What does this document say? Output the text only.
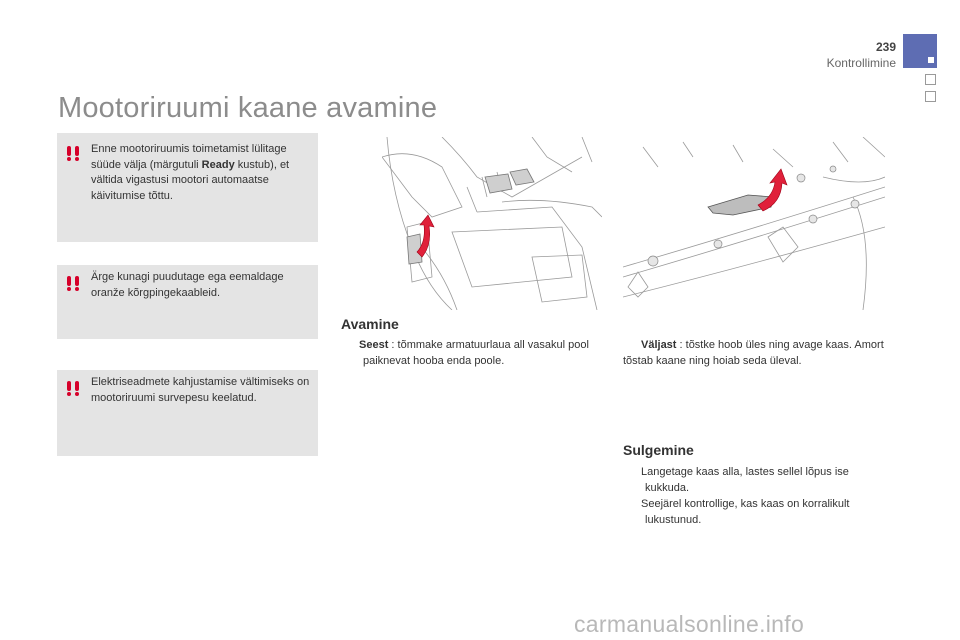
239
Kontrollimine
Mootoriruumi kaane avamine
Enne mootoriruumis toimetamist lülitage süüde välja (märgutuli Ready kustub), et vältida vigastusi mootori automaatse käivitumise tõttu.
Ärge kunagi puudutage ega eemaldage oranže kõrgpingekaableid.
Elektriseadmete kahjustamise vältimiseks on mootoriruumi survepesu keelatud.
Avamine
Seest : tõmmake armatuurlaua all vasakul pool paiknevat hooba enda poole.
Väljast : tõstke hoob üles ning avage kaas. Amort tõstab kaane ning hoiab seda üleval.
Sulgemine
Langetage kaas alla, lastes sellel lõpus ise kukkuda.
Seejärel kontrollige, kas kaas on korralikult lukustunud.
carmanualsonline.info
